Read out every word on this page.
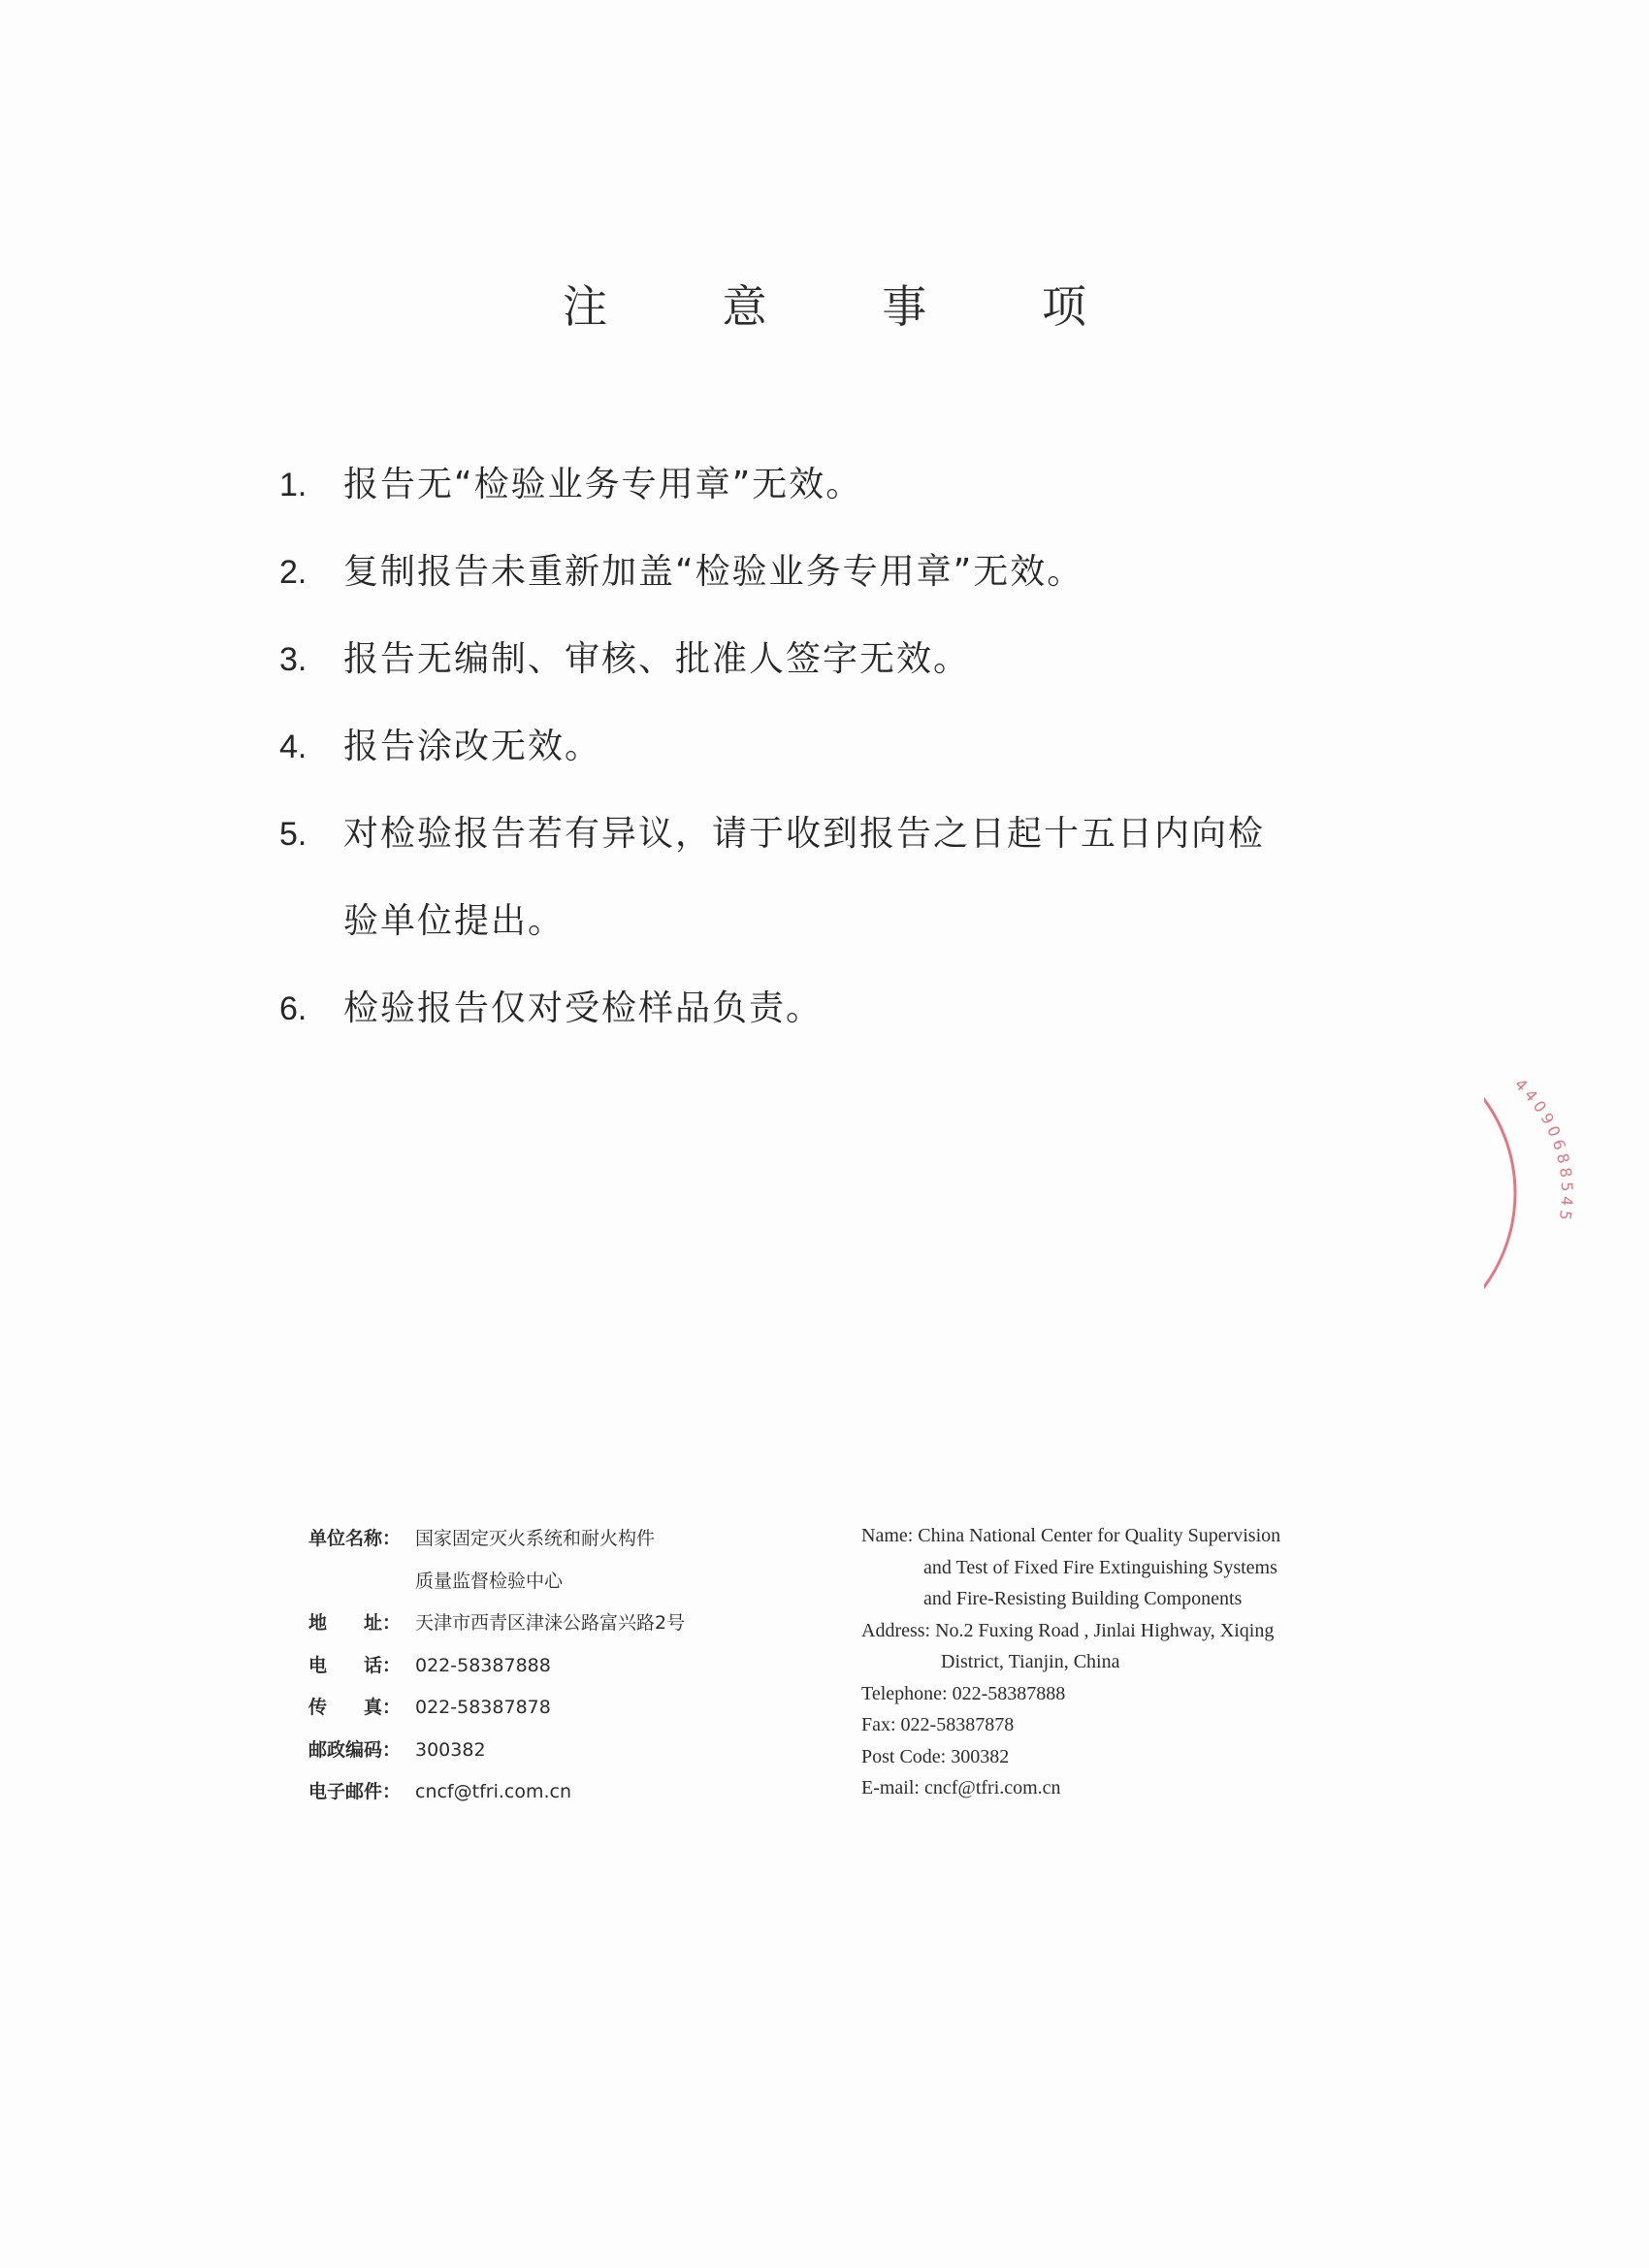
注 意 事 项
1.	报告无“检验业务专用章”无效。
2.	复制报告未重新加盖“检验业务专用章”无效。
3.	报告无编制、审核、批准人签字无效。
4.	报告涂改无效。
5.	对检验报告若有异议，请于收到报告之日起十五日内向检
验单位提出。
6.	检验报告仅对受检样品负责。
单位名称： 国家固定灭火系统和耐火构件
质量监督检验中心
地　　址： 天津市西青区津涞公路富兴路2号
电　　话： 022-58387888
传　　真： 022-58387878
邮政编码： 300382
电子邮件： cncf@tfri.com.cn
Name: China National Center for Quality Supervision
and Test of Fixed Fire Extinguishing Systems
and Fire-Resisting Building Components
Address: No.2 Fuxing Road , Jinlai Highway, Xiqing
District, Tianjin, China
Telephone: 022-58387888
Fax: 022-58387878
Post Code: 300382
E-mail: cncf@tfri.com.cn
44090688545
